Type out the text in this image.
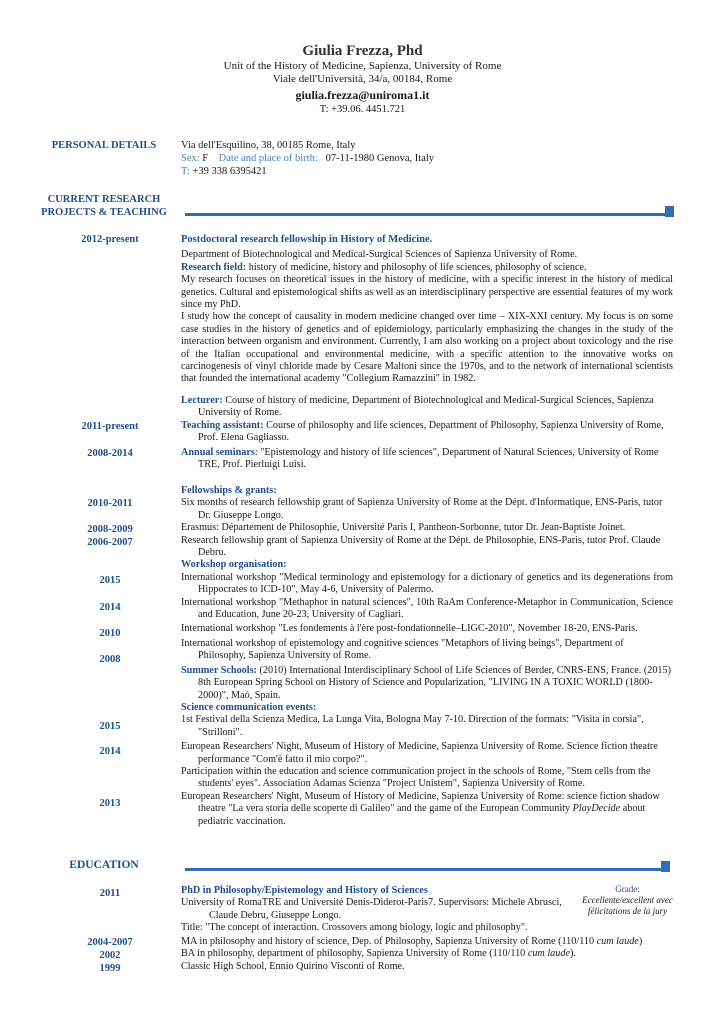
Giulia Frezza, Phd
Unit of the History of Medicine, Sapienza, University of Rome
Viale dell'Università, 34/a, 00184, Rome
giulia.frezza@uniroma1.it
T: +39.06. 4451.721
PERSONAL DETAILS	Via dell'Esquilino, 38, 00185 Rome, Italy

Sex: F Date and place of birth: 07-11-1980 Genova, Italy

T: +39 338 6395421

CURRENT RESEARCH
PROJECTS & TEACHING
2012-present
2011-present
2008-2014
2010-2011
2008-2009
2006-2007
2015
2014
2010
2008
2015
2014
2013

Postdoctoral research fellowship in History of Medicine.

Department of Biotechnological and Medical-Surgical Sciences of Sapienza University of Rome.

Research field: history of medicine, history and philosophy of life sciences, philosophy of science.

My research focuses on theoretical issues in the history of medicine, with a specific interest in the history of medical genetics. Cultural and epistemological shifts as well as an interdisciplinary perspective are essential features of my work since my PhD.

I study how the concept of causality in modern medicine changed over time – XIX-XXI century. My focus is on some case studies in the history of genetics and of epidemiology, particularly emphasizing the changes in the study of the interaction between organism and environment. Currently, I am also working on a project about toxicology and the rise of the Italian occupational and environmental medicine, with a specific attention to the innovative works on carcinogenesis of vinyl chloride made by Cesare Maltoni since the 1970s, and to the network of international scientists that founded the international academy "Collegium Ramazzini" in 1982.

Lecturer: Course of history of medicine, Department of Biotechnological and Medical-Surgical Sciences, Sapienza University of Rome.

Teaching assistant: Course of philosophy and life sciences, Department of Philosophy, Sapienza University of Rome, Prof. Elena Gagliasso.

Annual seminars: "Epistemology and history of life sciences", Department of Natural Sciences, University of Rome TRE, Prof. Pierluigi Luisi.

Fellowships & grants:

Six months of research fellowship grant of Sapienza University of Rome at the Dépt. d'Informatique, ENS-Paris, tutor Dr. Giuseppe Longo.

Erasmus: Département de Philosophie, Université Paris I, Pantheon-Sorbonne, tutor Dr. Jean-Baptiste Joinet.

Research fellowship grant of Sapienza University of Rome at the Dépt. de Philosophie, ENS-Paris, tutor Prof. Claude Debru.

Workshop organisation:

International workshop "Medical terminology and epistemology for a dictionary of genetics and its degenerations from Hippocrates to ICD-10", May 4-6, University of Palermo.

International workshop "Methaphor in natural sciences", 10th RaAm Conference-Metaphor in Communication, Science and Education, June 20-23, University of Cagliari.

International workshop "Les fondements à l'ère post-fondationnelle–LIGC-2010", November 18-20, ENS-Paris.

International workshop of epistemology and cognitive sciences "Metaphors of living beings", Department of Philosophy, Sapienza University of Rome.

Summer Schools: (2010) International Interdisciplinary School of Life Sciences of Berder, CNRS-ENS, France. (2015) 8th European Spring School on History of Science and Popularization, "LIVING IN A TOXIC WORLD (1800-2000)", Maó, Spain.

Science communication events:

1st Festival della Scienza Medica, La Lunga Vita, Bologna May 7-10. Direction of the formats: "Visita in corsia", "Strilloni".

European Researchers' Night, Museum of History of Medicine, Sapienza University of Rome. Science fiction theatre performance "Com'è fatto il mio corpo?".

Participation within the education and science communication project in the schools of Rome, "Stem cells from the students' eyes". Association Adamas Scienza "Project Unistem", Sapienza University of Rome.

European Researchers' Night, Museum of History of Medicine, Sapienza University of Rome: science fiction shadow theatre "La vera storia delle scoperte di Galileo" and the game of the European Community PlayDecide about pediatric vaccination.

EDUCATION
2011
2004-2007
2002
1999

PhD in Philosophy/Epistemology and History of Sciences

University of RomaTRE and Université Denis-Diderot-Paris7. Supervisors: Michele Abrusci, Claude Debru, Giuseppe Longo.

Title: "The concept of interaction. Crossovers among biology, logic and philosophy".

Grade:
Eccellente/excellent avec félicitations de la jury

MA in philosophy and history of science, Dep. of Philosophy, Sapienza University of Rome (110/110 cum laude)

BA in philosophy, department of philosophy, Sapienza University of Rome (110/110 cum laude).

Classic High School, Ennio Quirino Visconti of Rome.
